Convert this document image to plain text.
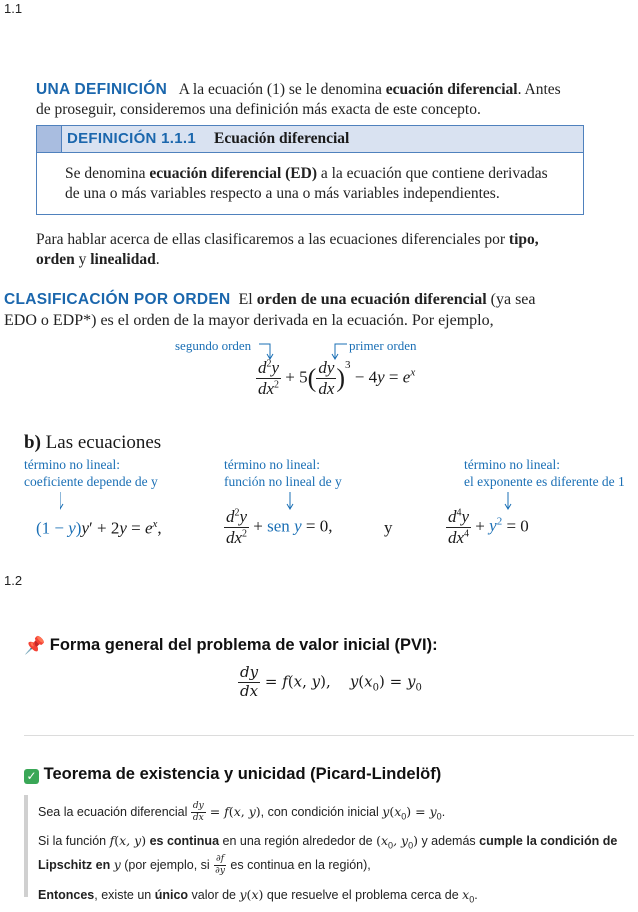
1.1
UNA DEFINICIÓN A la ecuación (1) se le denomina ecuación diferencial. Antes
de proseguir, consideremos una definición más exacta de este concepto.
DEFINICIÓN 1.1.1 Ecuación diferencial
Se denomina ecuación diferencial (ED) a la ecuación que contiene derivadas
de una o más variables respecto a una o más variables independientes.
Para hablar acerca de ellas clasificaremos a las ecuaciones diferenciales por tipo,
orden y linealidad.
CLASIFICACIÓN POR ORDEN El orden de una ecuación diferencial (ya sea
EDO o EDP*) es el orden de la mayor derivada en la ecuación. Por ejemplo,
segundo orden	primer orden
$\frac{d^2y}{dx^2} + 5( \frac{dy}{dx} )^3 - 4y = e^x$
b) Las ecuaciones
término no lineal:
coeficiente depende de y
término no lineal:
función no lineal de y
término no lineal:
el exponente es diferente de 1
$(1 - y)y' + 2y = e^x$,	$\frac{d^2y}{dx^2}$ + sen y = 0,	y	$\frac{d^4y}{dx^4} + y^2 = 0$
1.2
📌 Forma general del problema de valor inicial (PVI):
$\frac{dy}{dx} = f(x$, y),    $y(x_0) = y_0$
✓ Teorema de existencia y unicidad (Picard-Lindelöf)
Sea la ecuación diferencial $\frac{dy}{dx} = f(x$, y), con condición inicial $y(x_0) = y_0$.
Si la función f(x, y) es continua en una región alrededor de ($x_0$, $y_0$) y además cumple la condición de
Lipschitz en y (por ejemplo, si $\frac{\partial f}{\partial y}$ es continua en la región),
Entonces, existe un único valor de y(x) que resuelve el problema cerca de $x_0$.
